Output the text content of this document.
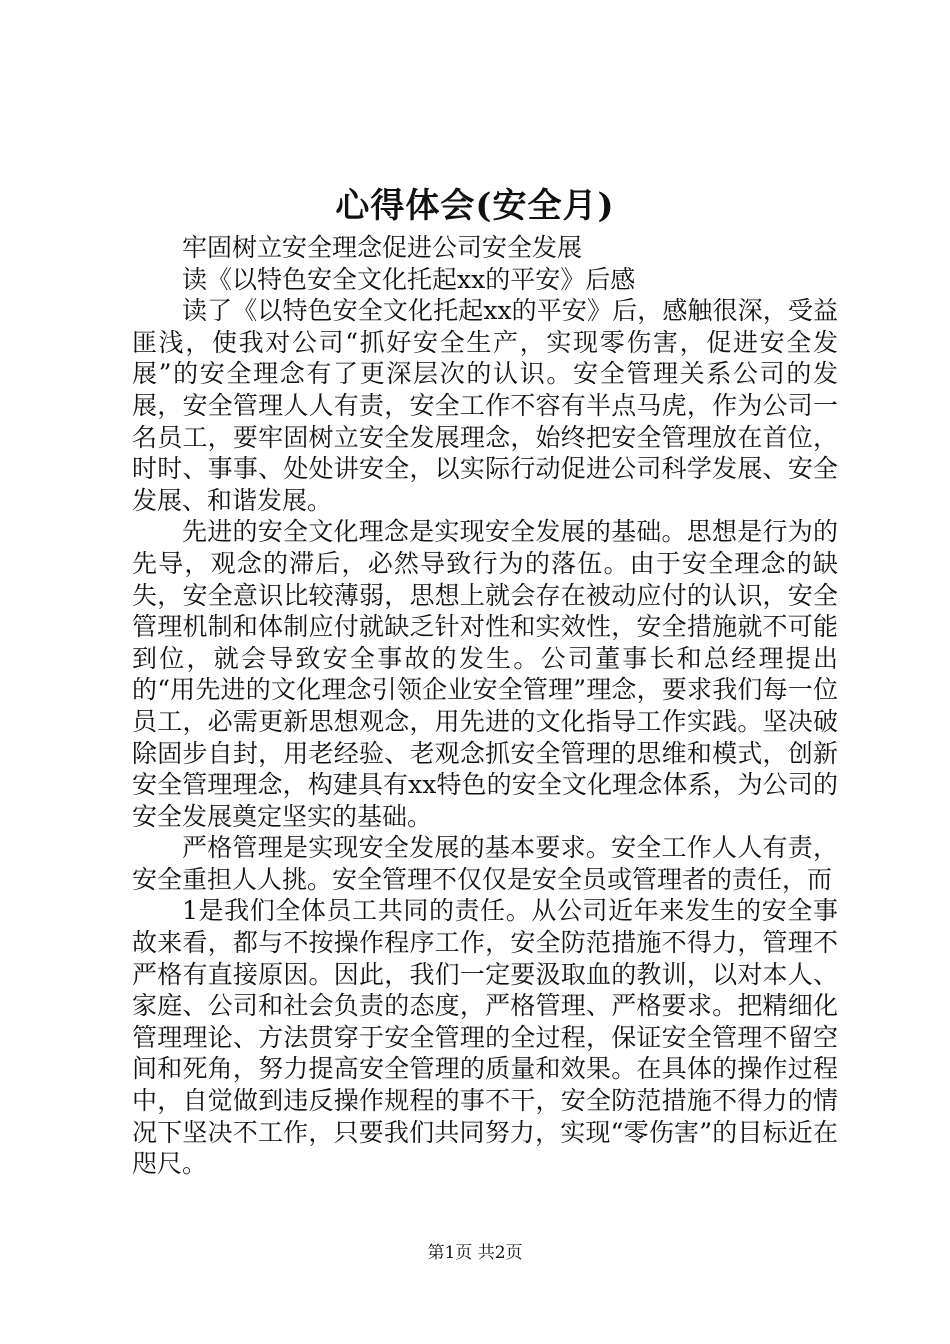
心得体会(安全月)

牢固树立安全理念促进公司安全发展

读《以特色安全文化托起xx的平安》后感

读了《以特色安全文化托起xx的平安》后，感触很深，受益匪浅，使我对公司“抓好安全生产，实现零伤害，促进安全发展”的安全理念有了更深层次的认识。安全管理关系公司的发展，安全管理人人有责，安全工作不容有半点马虎，作为公司一名员工，要牢固树立安全发展理念，始终把安全管理放在首位，时时、事事、处处讲安全，以实际行动促进公司科学发展、安全发展、和谐发展。

先进的安全文化理念是实现安全发展的基础。思想是行为的先导，观念的滞后，必然导致行为的落伍。由于安全理念的缺失，安全意识比较薄弱，思想上就会存在被动应付的认识，安全管理机制和体制应付就缺乏针对性和实效性，安全措施就不可能到位，就会导致安全事故的发生。公司董事长和总经理提出的“用先进的文化理念引领企业安全管理”理念，要求我们每一位员工，必需更新思想观念，用先进的文化指导工作实践。坚决破除固步自封，用老经验、老观念抓安全管理的思维和模式，创新安全管理理念，构建具有xx特色的安全文化理念体系，为公司的安全发展奠定坚实的基础。

严格管理是实现安全发展的基本要求。安全工作人人有责，安全重担人人挑。安全管理不仅仅是安全员或管理者的责任，而

1是我们全体员工共同的责任。从公司近年来发生的安全事故来看，都与不按操作程序工作，安全防范措施不得力，管理不严格有直接原因。因此，我们一定要汲取血的教训，以对本人、家庭、公司和社会负责的态度，严格管理、严格要求。把精细化管理理论、方法贯穿于安全管理的全过程，保证安全管理不留空间和死角，努力提高安全管理的质量和效果。在具体的操作过程中，自觉做到违反操作规程的事不干，安全防范措施不得力的情况下坚决不工作，只要我们共同努力，实现“零伤害”的目标近在咫尺。

第1页 共2页
